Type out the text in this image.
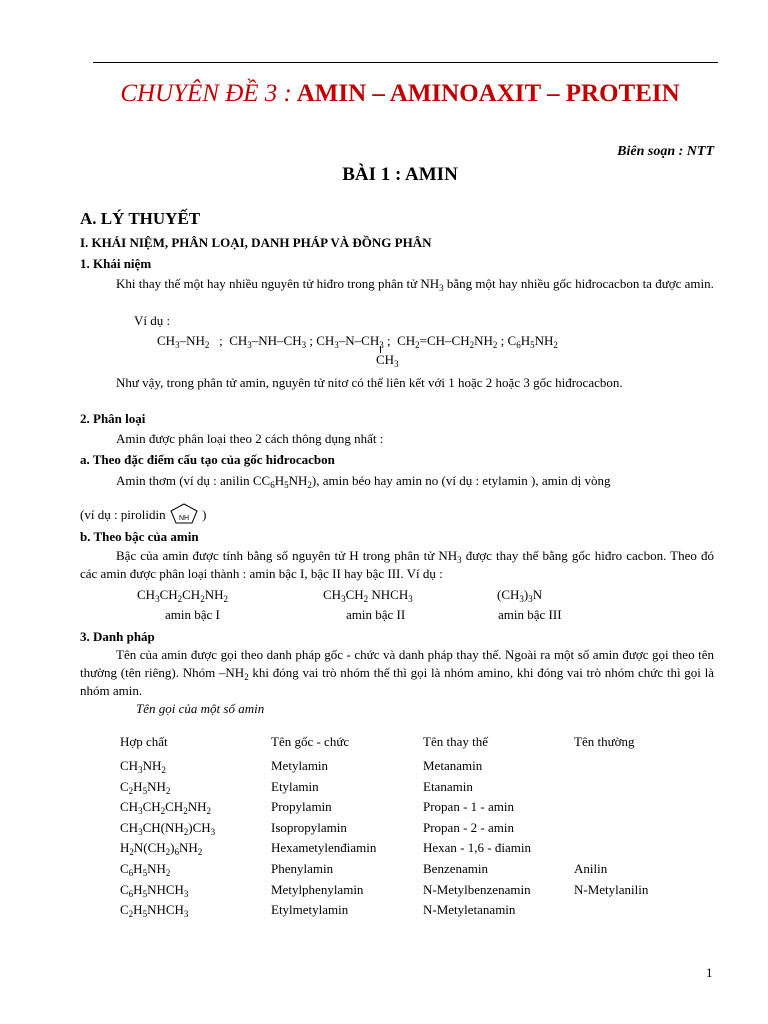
CHUYÊN ĐỀ 3 : AMIN – AMINOAXIT – PROTEIN
Biên soạn : NTT
BÀI 1 : AMIN
A. LÝ THUYẾT
I. KHÁI NIỆM, PHÂN LOẠI, DANH PHÁP VÀ ĐỒNG PHÂN
1. Khái niệm
Khi thay thế một hay nhiều nguyên tử hiđro trong phân tử $NH_3$ bằng một hay nhiều gốc hiđrocacbon ta được amin.
Ví dụ :
$CH_3-NH_2$   ;  $CH_3-NH-CH_3$ ; $CH_3-N-CH_3$ ;  $CH_2=CH-CH_2NH_2$ ; $C_6H_5NH_2$
$CH_3$
Như vậy, trong phân tử amin, nguyên tử nitơ có thể liên kết với 1 hoặc 2 hoặc 3 gốc hiđrocacbon.
2. Phân loại
Amin được phân loại theo 2 cách thông dụng nhất :
a. Theo đặc điểm cấu tạo của gốc hiđrocacbon
Amin thơm (ví dụ : anilin $CC_6H_5NH_2$), amin béo hay amin no (ví dụ : etylamin ), amin dị vòng
(ví dụ : pirolidin NH )
b. Theo bậc của amin
Bậc của amin được tính bằng số nguyên tử H trong phân tử $NH_3$ được thay thế bằng gốc hiđro cacbon. Theo đó các amin được phân loại thành : amin bậc I, bậc II hay bậc III. Ví dụ :
$CH_3CH_2CH_2NH_2$	$CH_3CH_2$ $NHCH_3$	$(CH_3)_3N$
amin bậc I	amin bậc II	amin bậc III
3. Danh pháp
Tên của amin được gọi theo danh pháp gốc - chức và danh pháp thay thế. Ngoài ra một số amin được gọi theo tên thường (tên riêng). Nhóm $-NH_2$ khi đóng vai trò nhóm thế thì gọi là nhóm amino, khi đóng vai trò nhóm chức thì gọi là nhóm amin.
Tên gọi của một số amin
Hợp chất	Tên gốc - chức	Tên thay thế	Tên thường
$CH_3NH_2$	Metylamin	Metanamin	
$C_2H_5NH_2$	Etylamin	Etanamin	
$CH_3CH_2CH_2NH_2$	Propylamin	Propan - 1 - amin	
$CH_3CH(NH_2)CH_3$	Isopropylamin	Propan - 2 - amin	
$H_2N(CH_2)_6NH_2$	Hexametylenđiamin	Hexan - 1,6 - điamin	
$C_6H_5NH_2$	Phenylamin	Benzenamin	Anilin
$C_6H_5NHCH_3$	Metylphenylamin	N-Metylbenzenamin	N-Metylanilin
$C_2H_5NHCH_3$	Etylmetylamin	N-Metyletanamin	
1
